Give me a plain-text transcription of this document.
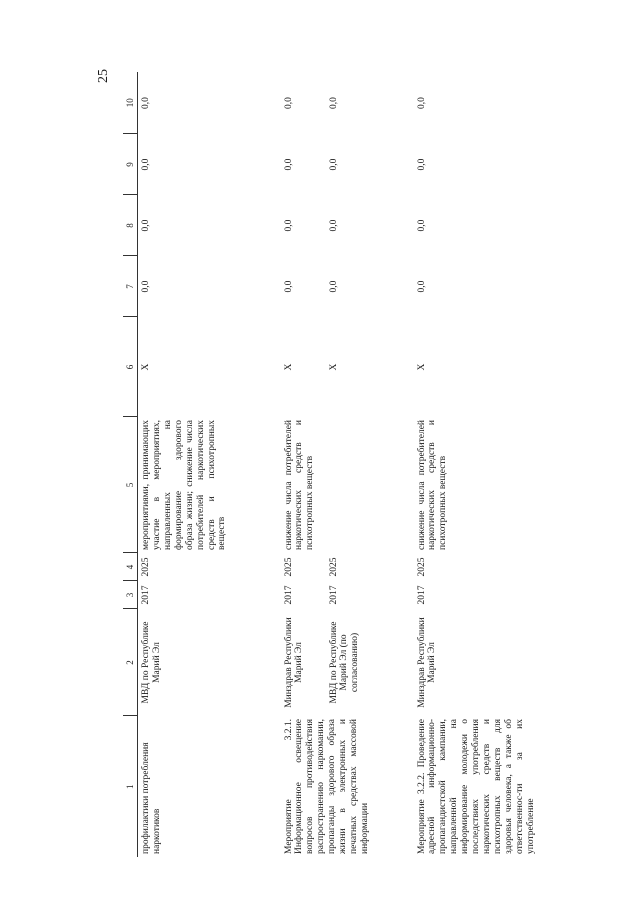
25
1	2	3	4	5	6	7	8	9	10
профилактики потребления наркотиков	МВД по Республике Марий Эл	2017	2025	мероприятиями, принимающих участие в мероприятиях, направленных на формирование здорового образа жизни; снижение числа потребителей наркотических средств и психотропных веществ	X	0,0	0,0	0,0	0,0
Мероприятие 3.2.1. Информационное освещение вопросов противодействия распространению наркомании, пропаганды здорового образа жизни в электронных и печатных средствах массовой информации	Минздрав Республики Марий Эл	2017	2025	снижение числа потребителей наркотических средств и психотропных веществ	X	0,0	0,0	0,0	0,0
	МВД по Республике Марий Эл (по согласованию)	2017	2025		X	0,0	0,0	0,0	0,0
Мероприятие 3.2.2. Проведение адресной информационно-пропагандистской кампании, направленной на информирование молодежи о последствиях употребления наркотических средств и психотропных веществ для здоровья человека, а также об ответственнос-ти за их употребление	Минздрав Республики Марий Эл	2017	2025	снижение числа потребителей наркотических средств и психотропных веществ	X	0,0	0,0	0,0	0,0
